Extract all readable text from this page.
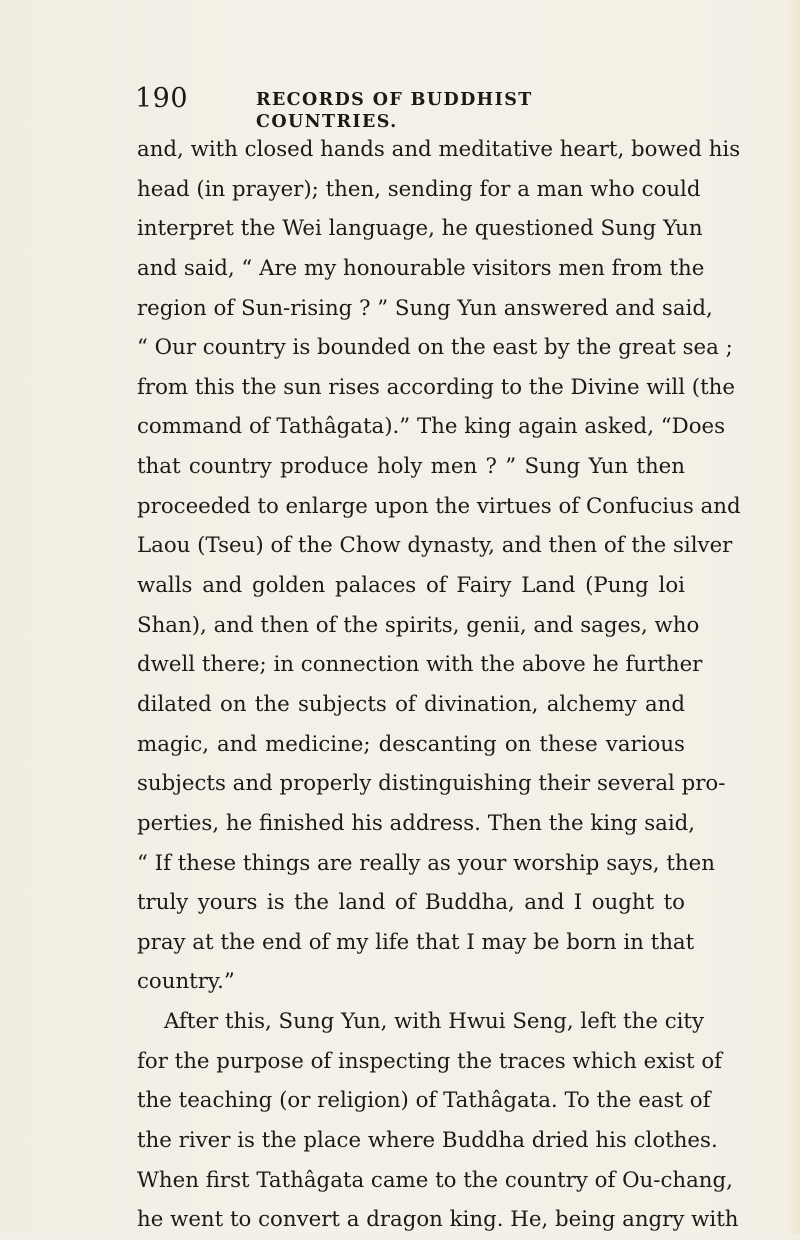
190	RECORDS OF BUDDHIST COUNTRIES.
and, with closed hands and meditative heart, bowed his
head (in prayer); then, sending for a man who could
interpret the Wei language, he questioned Sung Yun
and said, “ Are my honourable visitors men from the
region of Sun-rising ? ” Sung Yun answered and said,
“ Our country is bounded on the east by the great sea ;
from this the sun rises according to the Divine will (the
command of Tathâgata).” The king again asked, “Does
that country produce holy men ? ” Sung Yun then
proceeded to enlarge upon the virtues of Confucius and
Laou (Tseu) of the Chow dynasty, and then of the silver
walls and golden palaces of Fairy Land (Pung loi
Shan), and then of the spirits, genii, and sages, who
dwell there; in connection with the above he further
dilated on the subjects of divination, alchemy and
magic, and medicine; descanting on these various
subjects and properly distinguishing their several pro-
perties, he finished his address. Then the king said,
“ If these things are really as your worship says, then
truly yours is the land of Buddha, and I ought to
pray at the end of my life that I may be born in that
country.”
After this, Sung Yun, with Hwui Seng, left the city
for the purpose of inspecting the traces which exist of
the teaching (or religion) of Tathâgata. To the east of
the river is the place where Buddha dried his clothes.
When first Tathâgata came to the country of Ou-chang,
he went to convert a dragon king. He, being angry with
